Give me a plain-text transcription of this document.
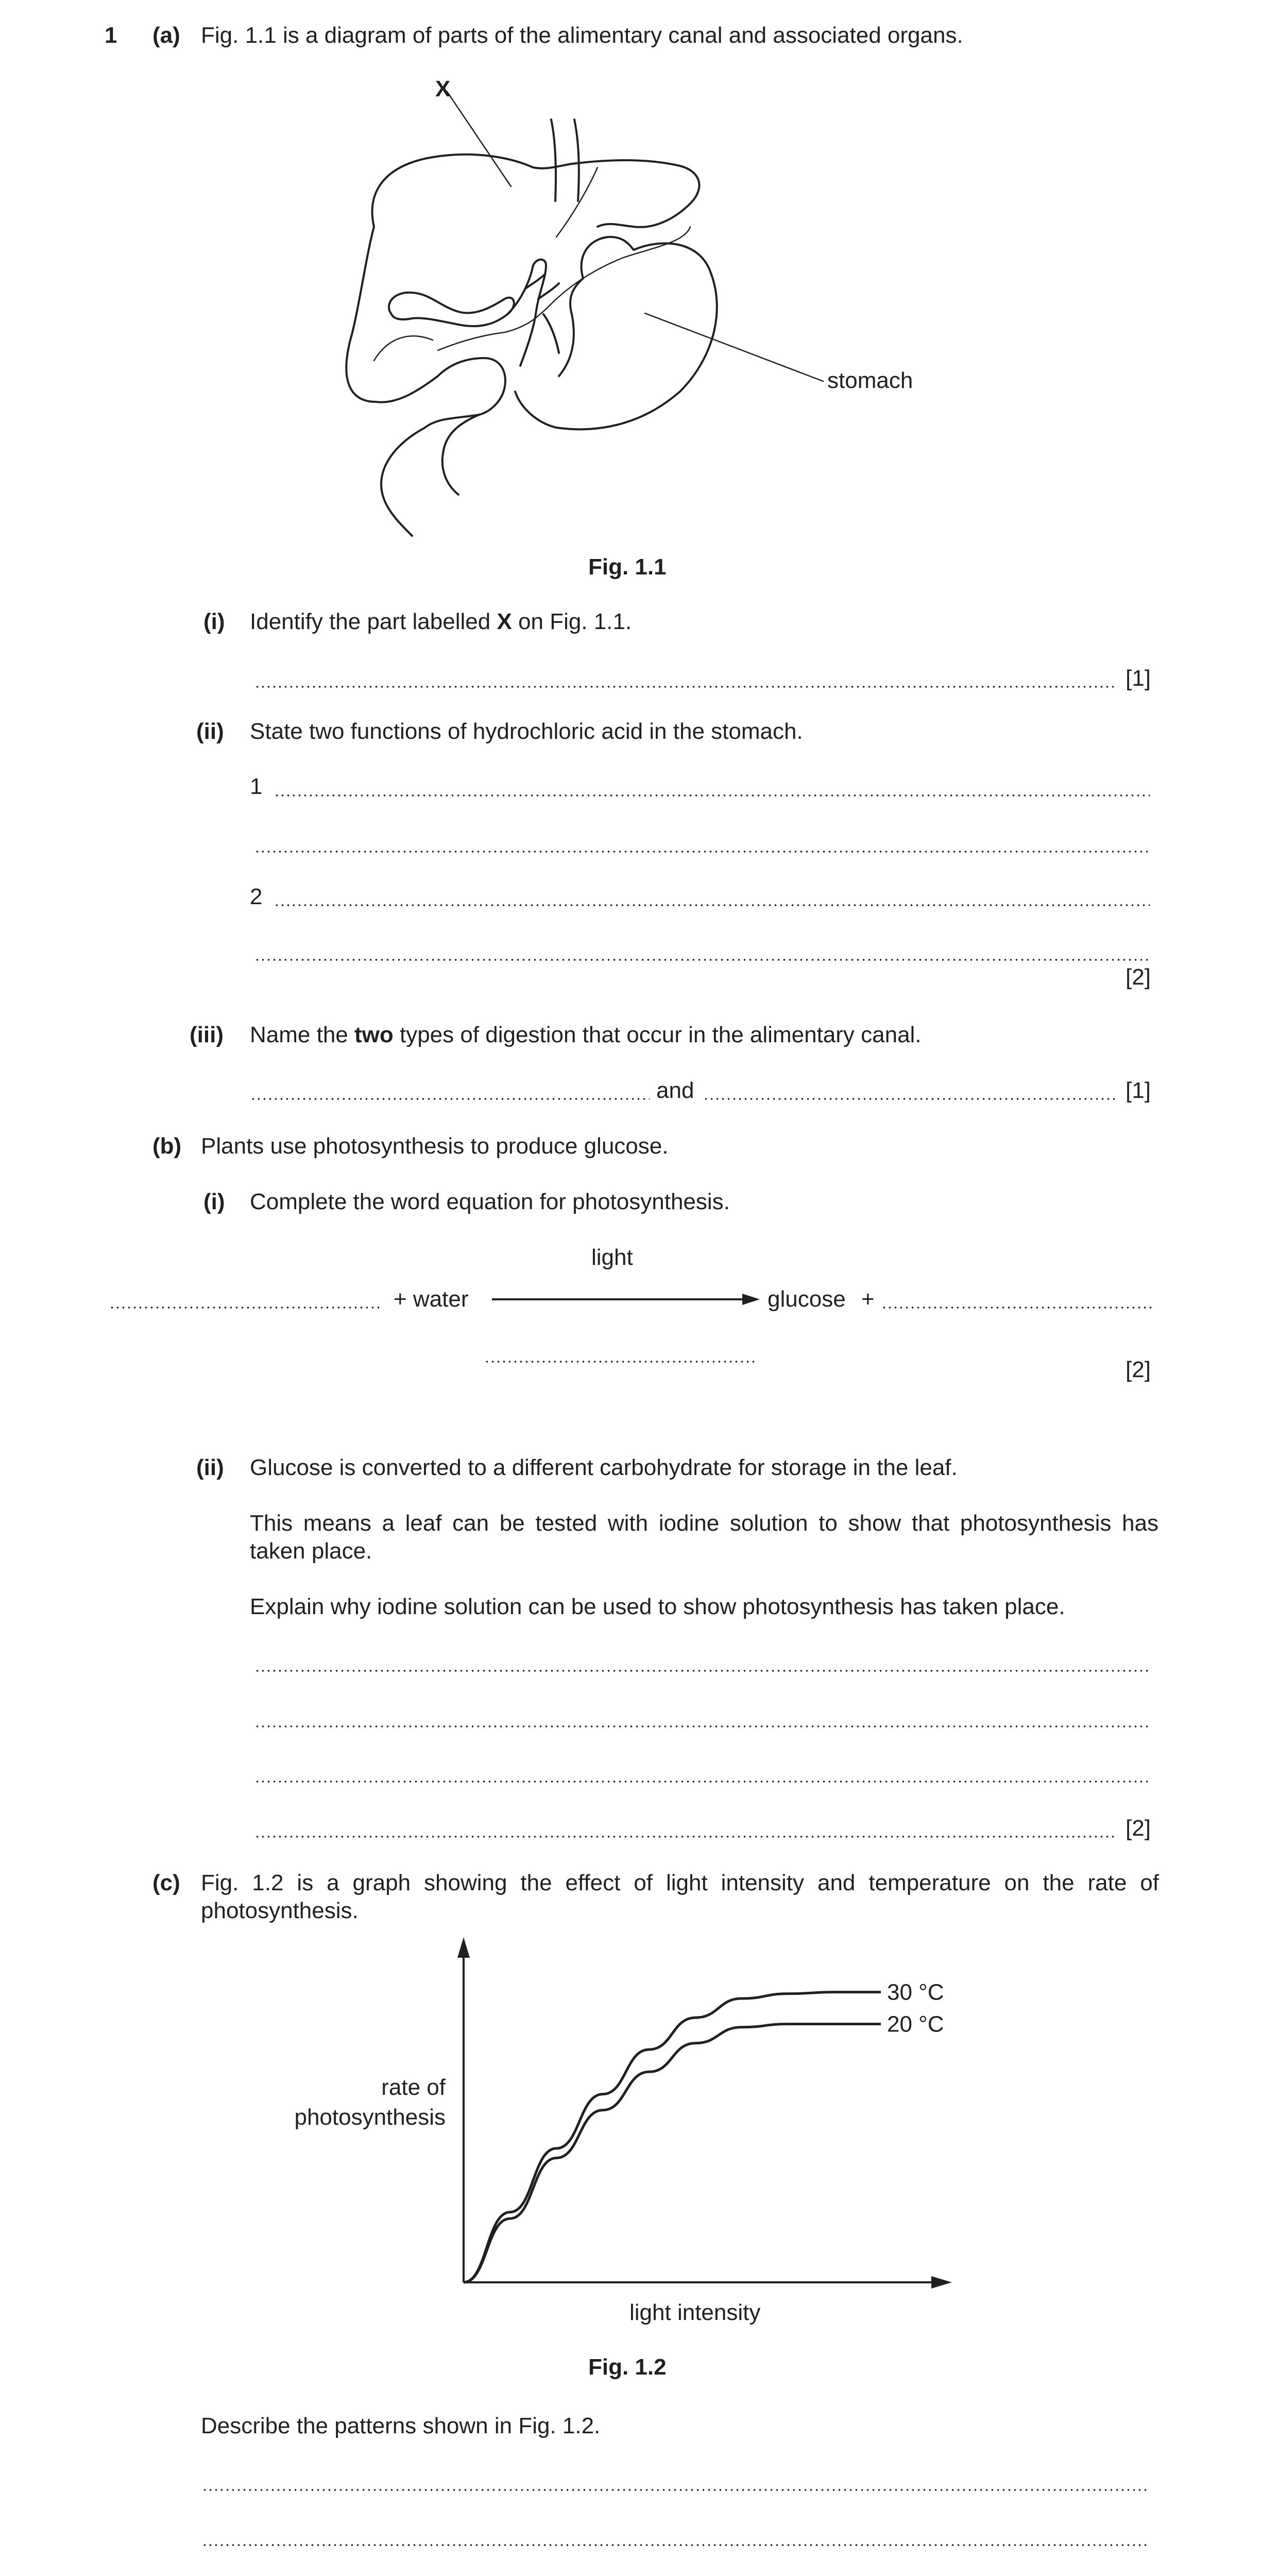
1 (a) Fig. 1.1 is a diagram of parts of the alimentary canal and associated organs.
X
stomach
Fig. 1.1
(i) Identify the part labelled X on Fig. 1.1.
[1]
(ii) State two functions of hydrochloric acid in the stomach.
1
2
[2]
(iii) Name the two types of digestion that occur in the alimentary canal.
and	[1]
(b) Plants use photosynthesis to produce glucose.
(i) Complete the word equation for photosynthesis.
+ water
light
glucose +
[2]
(ii) Glucose is converted to a different carbohydrate for storage in the leaf.
This means a leaf can be tested with iodine solution to show that photosynthesis has taken place.
Explain why iodine solution can be used to show photosynthesis has taken place.
[2]
(c) Fig. 1.2 is a graph showing the effect of light intensity and temperature on the rate of photosynthesis.
30 °C
20 °C
rate of
photosynthesis
light intensity
Fig. 1.2
Describe the patterns shown in Fig. 1.2.
